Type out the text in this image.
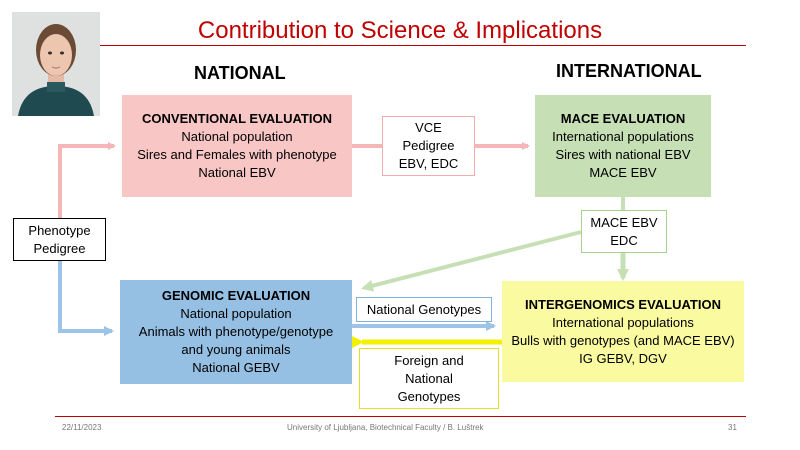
Contribution to Science & Implications
NATIONAL	INTERNATIONAL
CONVENTIONAL EVALUATION
National population
Sires and Females with phenotype
National EBV
MACE EVALUATION
International populations
Sires with national EBV
MACE EBV
GENOMIC EVALUATION
National population
Animals with phenotype/genotype
and young animals
National GEBV
INTERGENOMICS EVALUATION
International populations
Bulls with genotypes (and MACE EBV)
IG GEBV, DGV
VCE
Pedigree
EBV, EDC
MACE EBV
EDC
Phenotype
Pedigree
National Genotypes
Foreign and
National
Genotypes
22/11/2023	University of Ljubljana, Biotechnical Faculty / B. Luštrek	31
